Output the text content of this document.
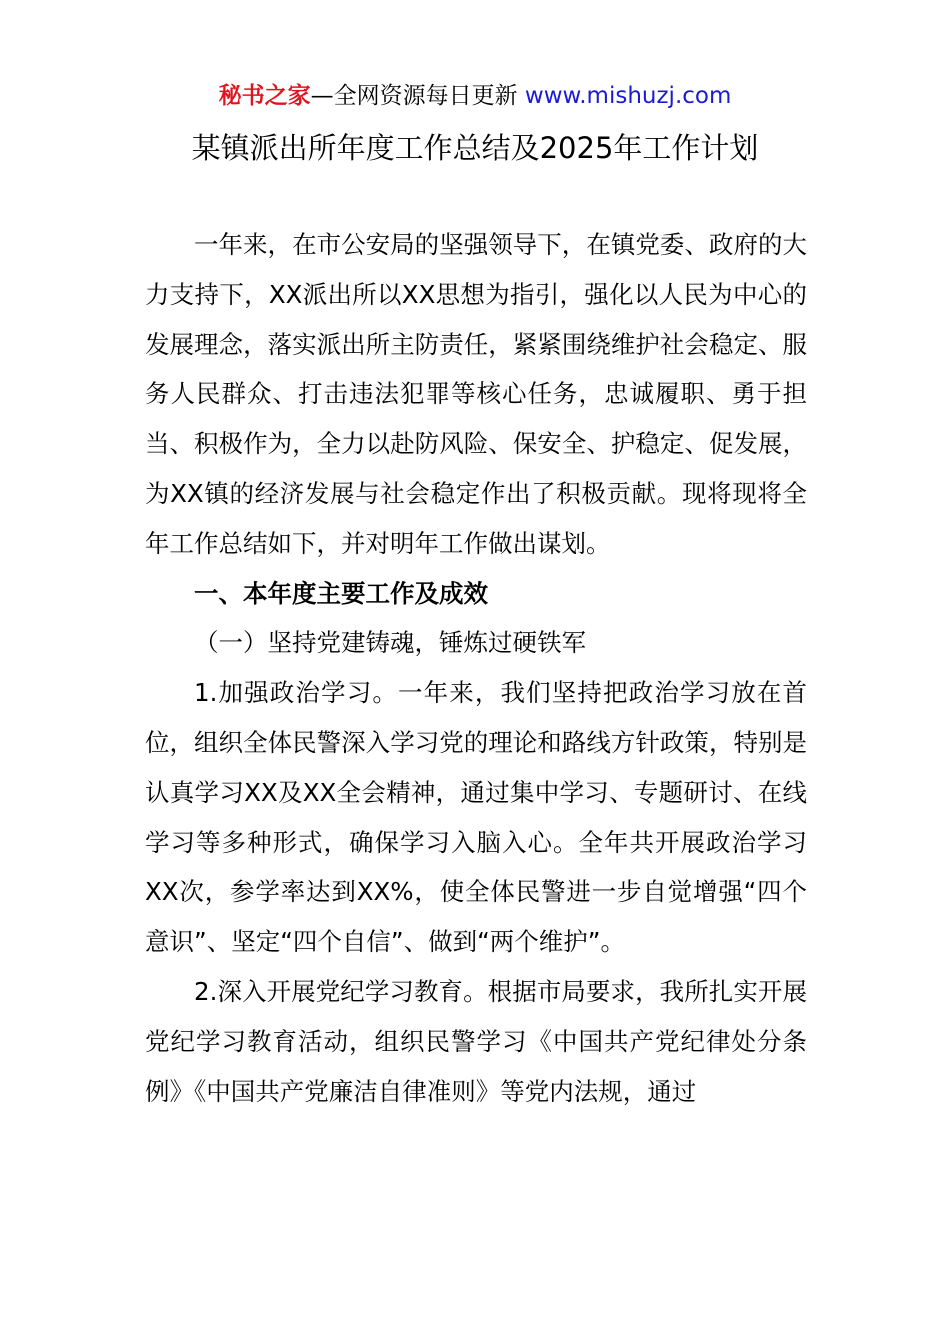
秘书之家—全网资源每日更新 www.mishuzj.com
某镇派出所年度工作总结及2025年工作计划

一年来，在市公安局的坚强领导下，在镇党委、政府的大力支持下，XX派出所以XX思想为指引，强化以人民为中心的发展理念，落实派出所主防责任，紧紧围绕维护社会稳定、服务人民群众、打击违法犯罪等核心任务，忠诚履职、勇于担当、积极作为，全力以赴防风险、保安全、护稳定、促发展，为XX镇的经济发展与社会稳定作出了积极贡献。现将现将全年工作总结如下，并对明年工作做出谋划。

一、本年度主要工作及成效

（一）坚持党建铸魂，锤炼过硬铁军

1.加强政治学习。一年来，我们坚持把政治学习放在首位，组织全体民警深入学习党的理论和路线方针政策，特别是认真学习XX及XX全会精神，通过集中学习、专题研讨、在线学习等多种形式，确保学习入脑入心。全年共开展政治学习XX次，参学率达到XX%，使全体民警进一步自觉增强“四个意识”、坚定“四个自信”、做到“两个维护”。

2.深入开展党纪学习教育。根据市局要求，我所扎实开展党纪学习教育活动，组织民警学习《中国共产党纪律处分条例》《中国共产党廉洁自律准则》等党内法规，通过
